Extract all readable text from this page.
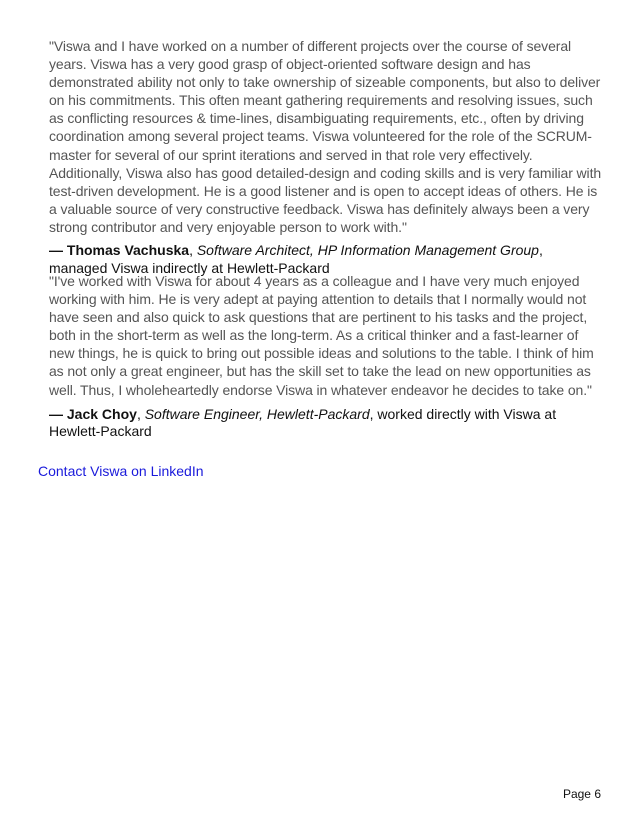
"Viswa and I have worked on a number of different projects over the course of several years. Viswa has a very good grasp of object-oriented software design and has demonstrated ability not only to take ownership of sizeable components, but also to deliver on his commitments. This often meant gathering requirements and resolving issues, such as conflicting resources & time-lines, disambiguating requirements, etc., often by driving coordination among several project teams. Viswa volunteered for the role of the SCRUM-master for several of our sprint iterations and served in that role very effectively. Additionally, Viswa also has good detailed-design and coding skills and is very familiar with test-driven development. He is a good listener and is open to accept ideas of others. He is a valuable source of very constructive feedback. Viswa has definitely always been a very strong contributor and very enjoyable person to work with."

— Thomas Vachuska, Software Architect, HP Information Management Group, managed Viswa indirectly at Hewlett-Packard

"I've worked with Viswa for about 4 years as a colleague and I have very much enjoyed working with him. He is very adept at paying attention to details that I normally would not have seen and also quick to ask questions that are pertinent to his tasks and the project, both in the short-term as well as the long-term. As a critical thinker and a fast-learner of new things, he is quick to bring out possible ideas and solutions to the table. I think of him as not only a great engineer, but has the skill set to take the lead on new opportunities as well. Thus, I wholeheartedly endorse Viswa in whatever endeavor he decides to take on."

— Jack Choy, Software Engineer, Hewlett-Packard, worked directly with Viswa at Hewlett-Packard

Contact Viswa on LinkedIn
Page 6
